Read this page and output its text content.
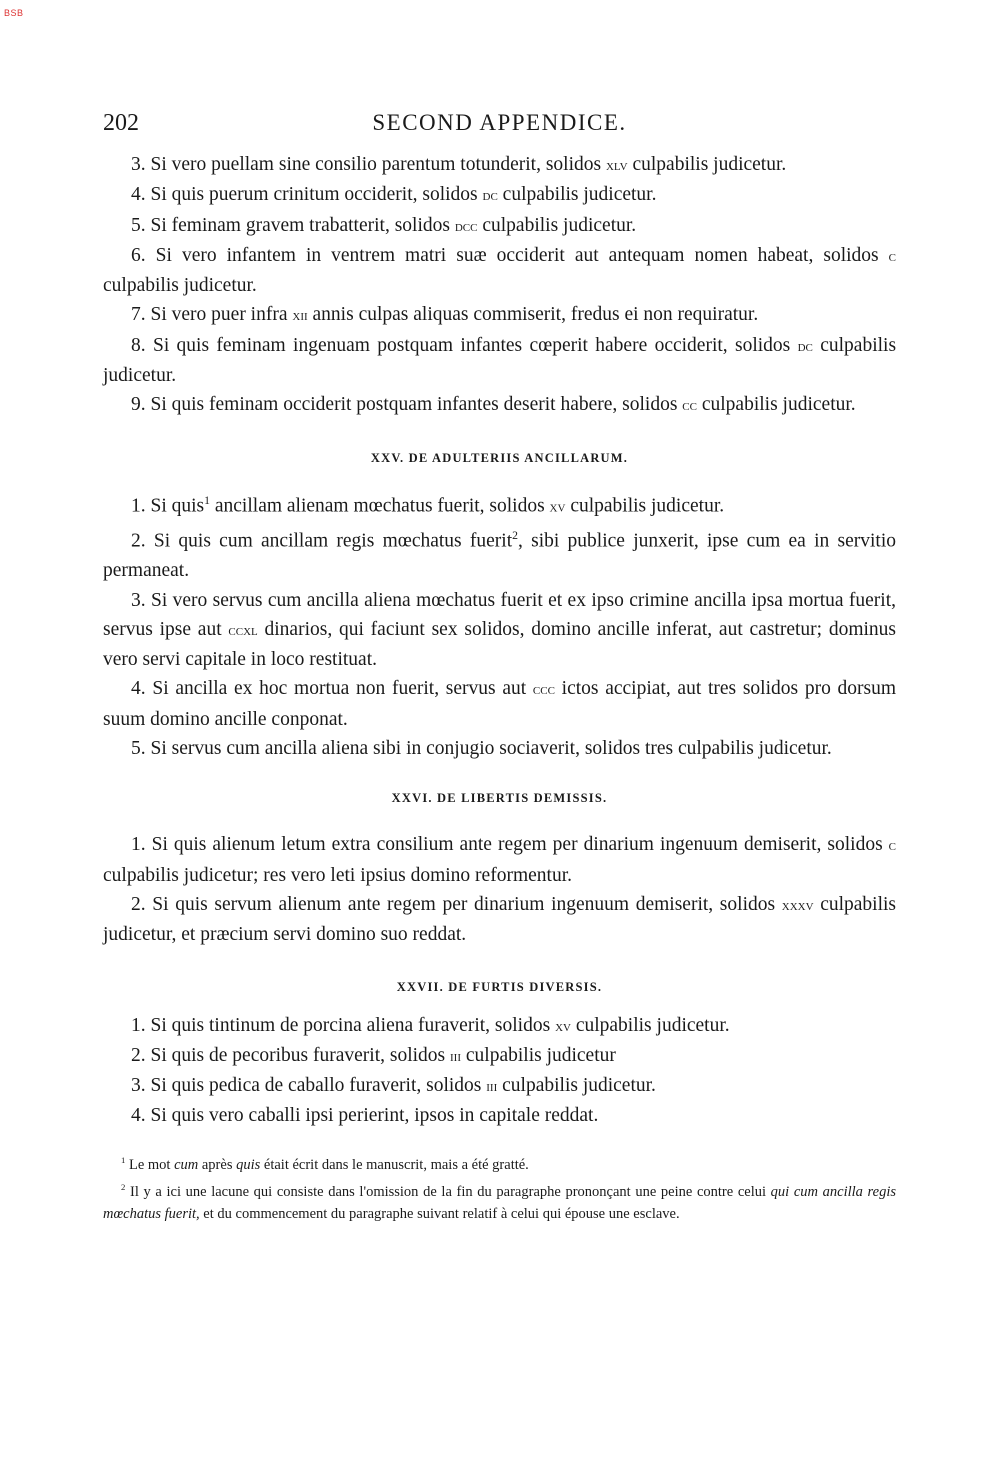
BSB
202	SECOND APPENDICE.

3. Si vero puellam sine consilio parentum totunderit, solidos xlv culpabilis judicetur.

4. Si quis puerum crinitum occiderit, solidos dc culpabilis judicetur.

5. Si feminam gravem trabatterit, solidos dcc culpabilis judicetur.

6. Si vero infantem in ventrem matri suæ occiderit aut antequam nomen habeat, solidos c culpabilis judicetur.

7. Si vero puer infra xii annis culpas aliquas commiserit, fredus ei non requiratur.

8. Si quis feminam ingenuam postquam infantes cœperit habere occiderit, solidos dc culpabilis judicetur.

9. Si quis feminam occiderit postquam infantes deserit habere, solidos cc culpabilis judicetur.

XXV. DE ADULTERIIS ANCILLARUM.

1. Si quis$^1$ ancillam alienam mœchatus fuerit, solidos xv culpabilis judicetur.

2. Si quis cum ancillam regis mœchatus fuerit$^2$, sibi publice junxerit, ipse cum ea in servitio permaneat.

3. Si vero servus cum ancilla aliena mœchatus fuerit et ex ipso crimine ancilla ipsa mortua fuerit, servus ipse aut ccxl dinarios, qui faciunt sex solidos, domino ancille inferat, aut castretur; dominus vero servi capitale in loco restituat.

4. Si ancilla ex hoc mortua non fuerit, servus aut ccc ictos accipiat, aut tres solidos pro dorsum suum domino ancille conponat.

5. Si servus cum ancilla aliena sibi in conjugio sociaverit, solidos tres culpabilis judicetur.

XXVI. DE LIBERTIS DEMISSIS.

1. Si quis alienum letum extra consilium ante regem per dinarium ingenuum demiserit, solidos c culpabilis judicetur; res vero leti ipsius domino reformentur.

2. Si quis servum alienum ante regem per dinarium ingenuum demiserit, solidos xxxv culpabilis judicetur, et præcium servi domino suo reddat.

XXVII. DE FURTIS DIVERSIS.

1. Si quis tintinum de porcina aliena furaverit, solidos xv culpabilis judicetur.

2. Si quis de pecoribus furaverit, solidos iii culpabilis judicetur

3. Si quis pedica de caballo furaverit, solidos iii culpabilis judicetur.

4. Si quis vero caballi ipsi perierint, ipsos in capitale reddat.

$^1$ Le mot cum après quis était écrit dans le manuscrit, mais a été gratté.

$^2$ Il y a ici une lacune qui consiste dans l'omission de la fin du paragraphe prononçant une peine contre celui qui cum ancilla regis mœchatus fuerit, et du commencement du paragraphe suivant relatif à celui qui épouse une esclave.
